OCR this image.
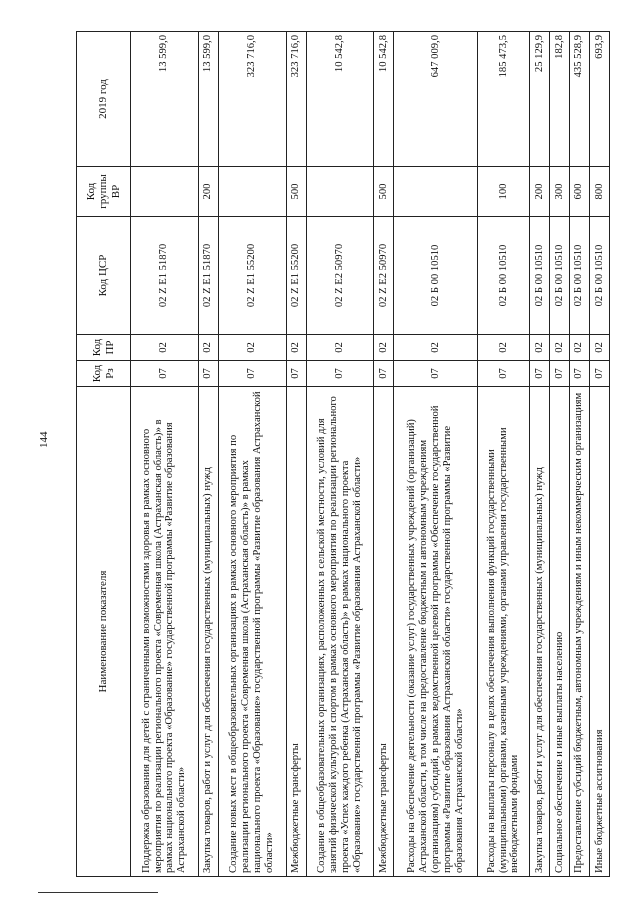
144
Наименование показателя	Код Рз	Код ПР	Код ЦСР	Код группы ВР	2019 год
Поддержка образования для детей с ограниченными возможностями здоровья в рамках основного мероприятия по реализации регионального проекта «Современная школа (Астраханская область)» в рамках национального проекта «Образование» государственной программы «Развитие образования Астраханской области»	07	02	02 Z E1 51870		13 599,0
Закупка товаров, работ и услуг для обеспечения государственных (муниципальных) нужд	07	02	02 Z E1 51870	200	13 599,0
Создание новых мест в общеобразовательных организациях в рамках основного мероприятия по реализации регионального проекта «Современная школа (Астраханская область)» в рамках национального проекта «Образование» государственной программы «Развитие образования Астраханской области»	07	02	02 Z E1 55200		323 716,0
Межбюджетные трансферты	07	02	02 Z E1 55200	500	323 716,0
Создание в общеобразовательных организациях, расположенных в сельской местности, условий для занятий физической культурой и спортом в рамках основного мероприятия по реализации регионального проекта «Успех каждого ребенка (Астраханская область)» в рамках национального проекта «Образование» государственной программы «Развитие образования Астраханской области»	07	02	02 Z E2 50970		10 542,8
Межбюджетные трансферты	07	02	02 Z E2 50970	500	10 542,8
Расходы на обеспечение деятельности (оказание услуг) государственных учреждений (организаций) Астраханской области, в том числе на предоставление бюджетным и автономным учреждениям (организациям) субсидий, в рамках ведомственной целевой программы «Обеспечение государственной программы «Развитие образования Астраханской области» государственной программы «Развитие образования Астраханской области»	07	02	02 Б 00 10510		647 009,0
Расходы на выплаты персоналу в целях обеспечения выполнения функций государственными (муниципальными) органами, казенными учреждениями, органами управления государственными внебюджетными фондами	07	02	02 Б 00 10510	100	185 473,5
Закупка товаров, работ и услуг для обеспечения государственных (муниципальных) нужд	07	02	02 Б 00 10510	200	25 129,9
Социальное обеспечение и иные выплаты населению	07	02	02 Б 00 10510	300	182,8
Предоставление субсидий бюджетным, автономным учреждениям и иным некоммерческим организациям	07	02	02 Б 00 10510	600	435 528,9
Иные бюджетные ассигнования	07	02	02 Б 00 10510	800	693,9
